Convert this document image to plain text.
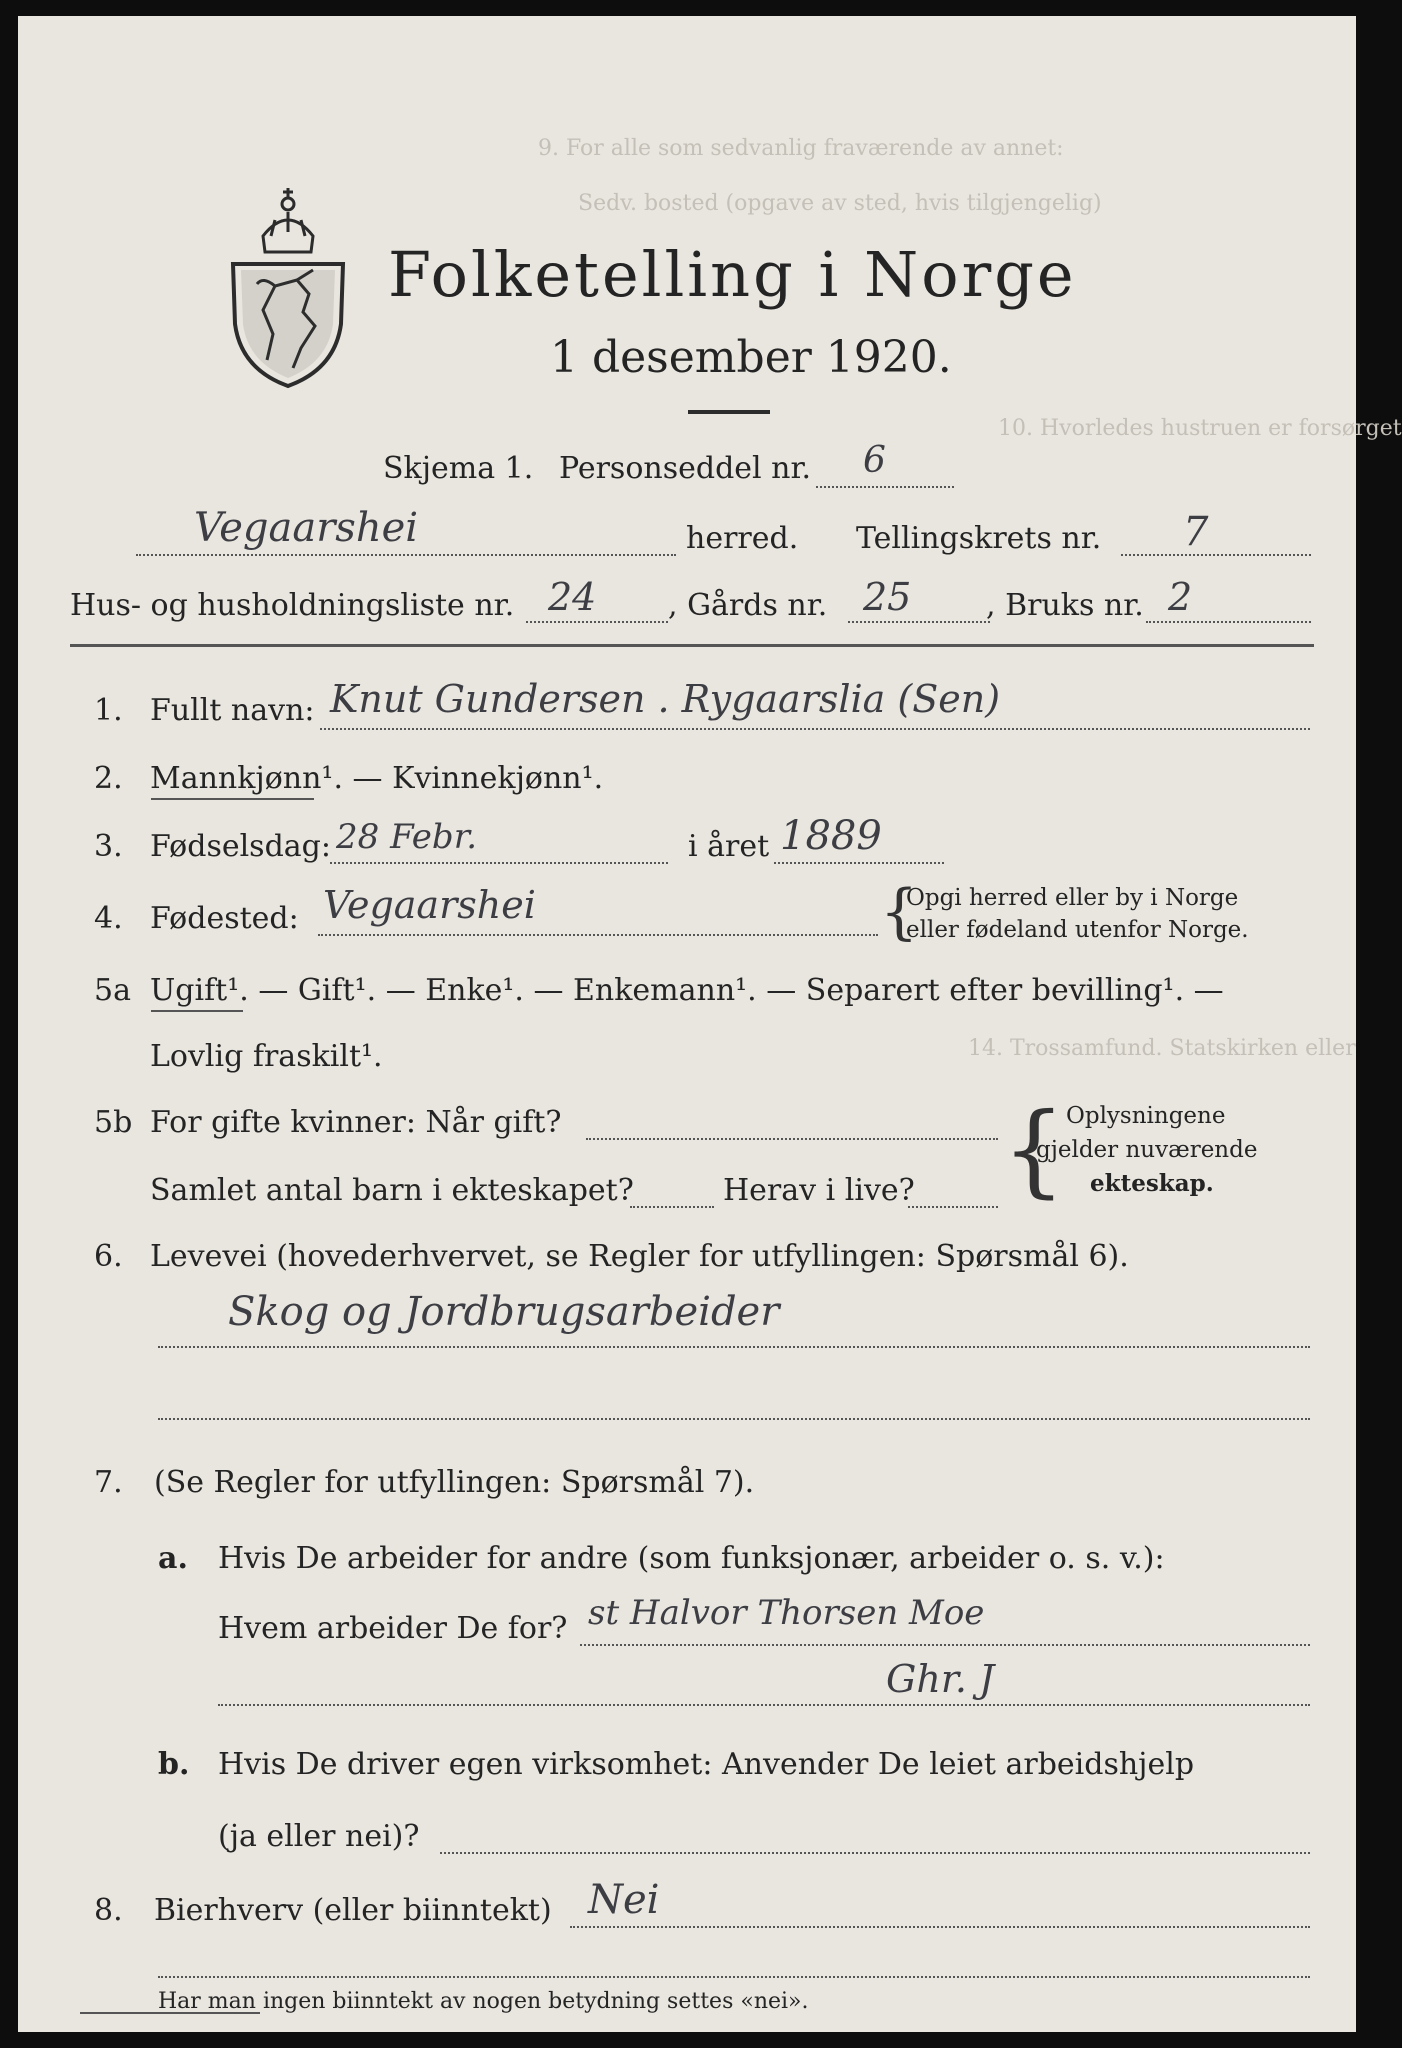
9. For alle som sedvanlig fraværende av annet:
Sedv. bosted (opgave av sted, hvis tilgjengelig)
10. Hvorledes hustruen er forsørget
14. Trossamfund. Statskirken eller
Folketelling i Norge
1 desember 1920.
Skjema 1. Personseddel nr. 6
Vegaarshei	herred. Tellingskrets nr. 7
Hus- og husholdningsliste nr. 24 , Gårds nr. 25 , Bruks nr. 2
1. Fullt navn: Knut Gundersen . Rygaarslia (Sen)
2. Mannkjønn¹. — Kvinnekjønn¹.
3. Fødselsdag: 28 Febr.	i året 1889
4. Fødested: Vegaarshei	{
Opgi herred eller by i Norge
eller fødeland utenfor Norge.
5a Ugift¹. — Gift¹. — Enke¹. — Enkemann¹. — Separert efter bevilling¹. —
Lovlig fraskilt¹.
5b For gifte kvinner: Når gift?
Samlet antal barn i ekteskapet?	Herav i live? { Oplysningene
gjelder nuværende
ekteskap.
6. Levevei (hovederhvervet, se Regler for utfyllingen: Spørsmål 6).
Skog og Jordbrugsarbeider
7. (Se Regler for utfyllingen: Spørsmål 7).
a. Hvis De arbeider for andre (som funksjonær, arbeider o. s. v.):
Hvem arbeider De for? st Halvor Thorsen Moe
Ghr. J
b. Hvis De driver egen virksomhet: Anvender De leiet arbeidshjelp
(ja eller nei)?
8. Bierhverv (eller biinntekt) Nei
Har man ingen biinntekt av nogen betydning settes «nei».
